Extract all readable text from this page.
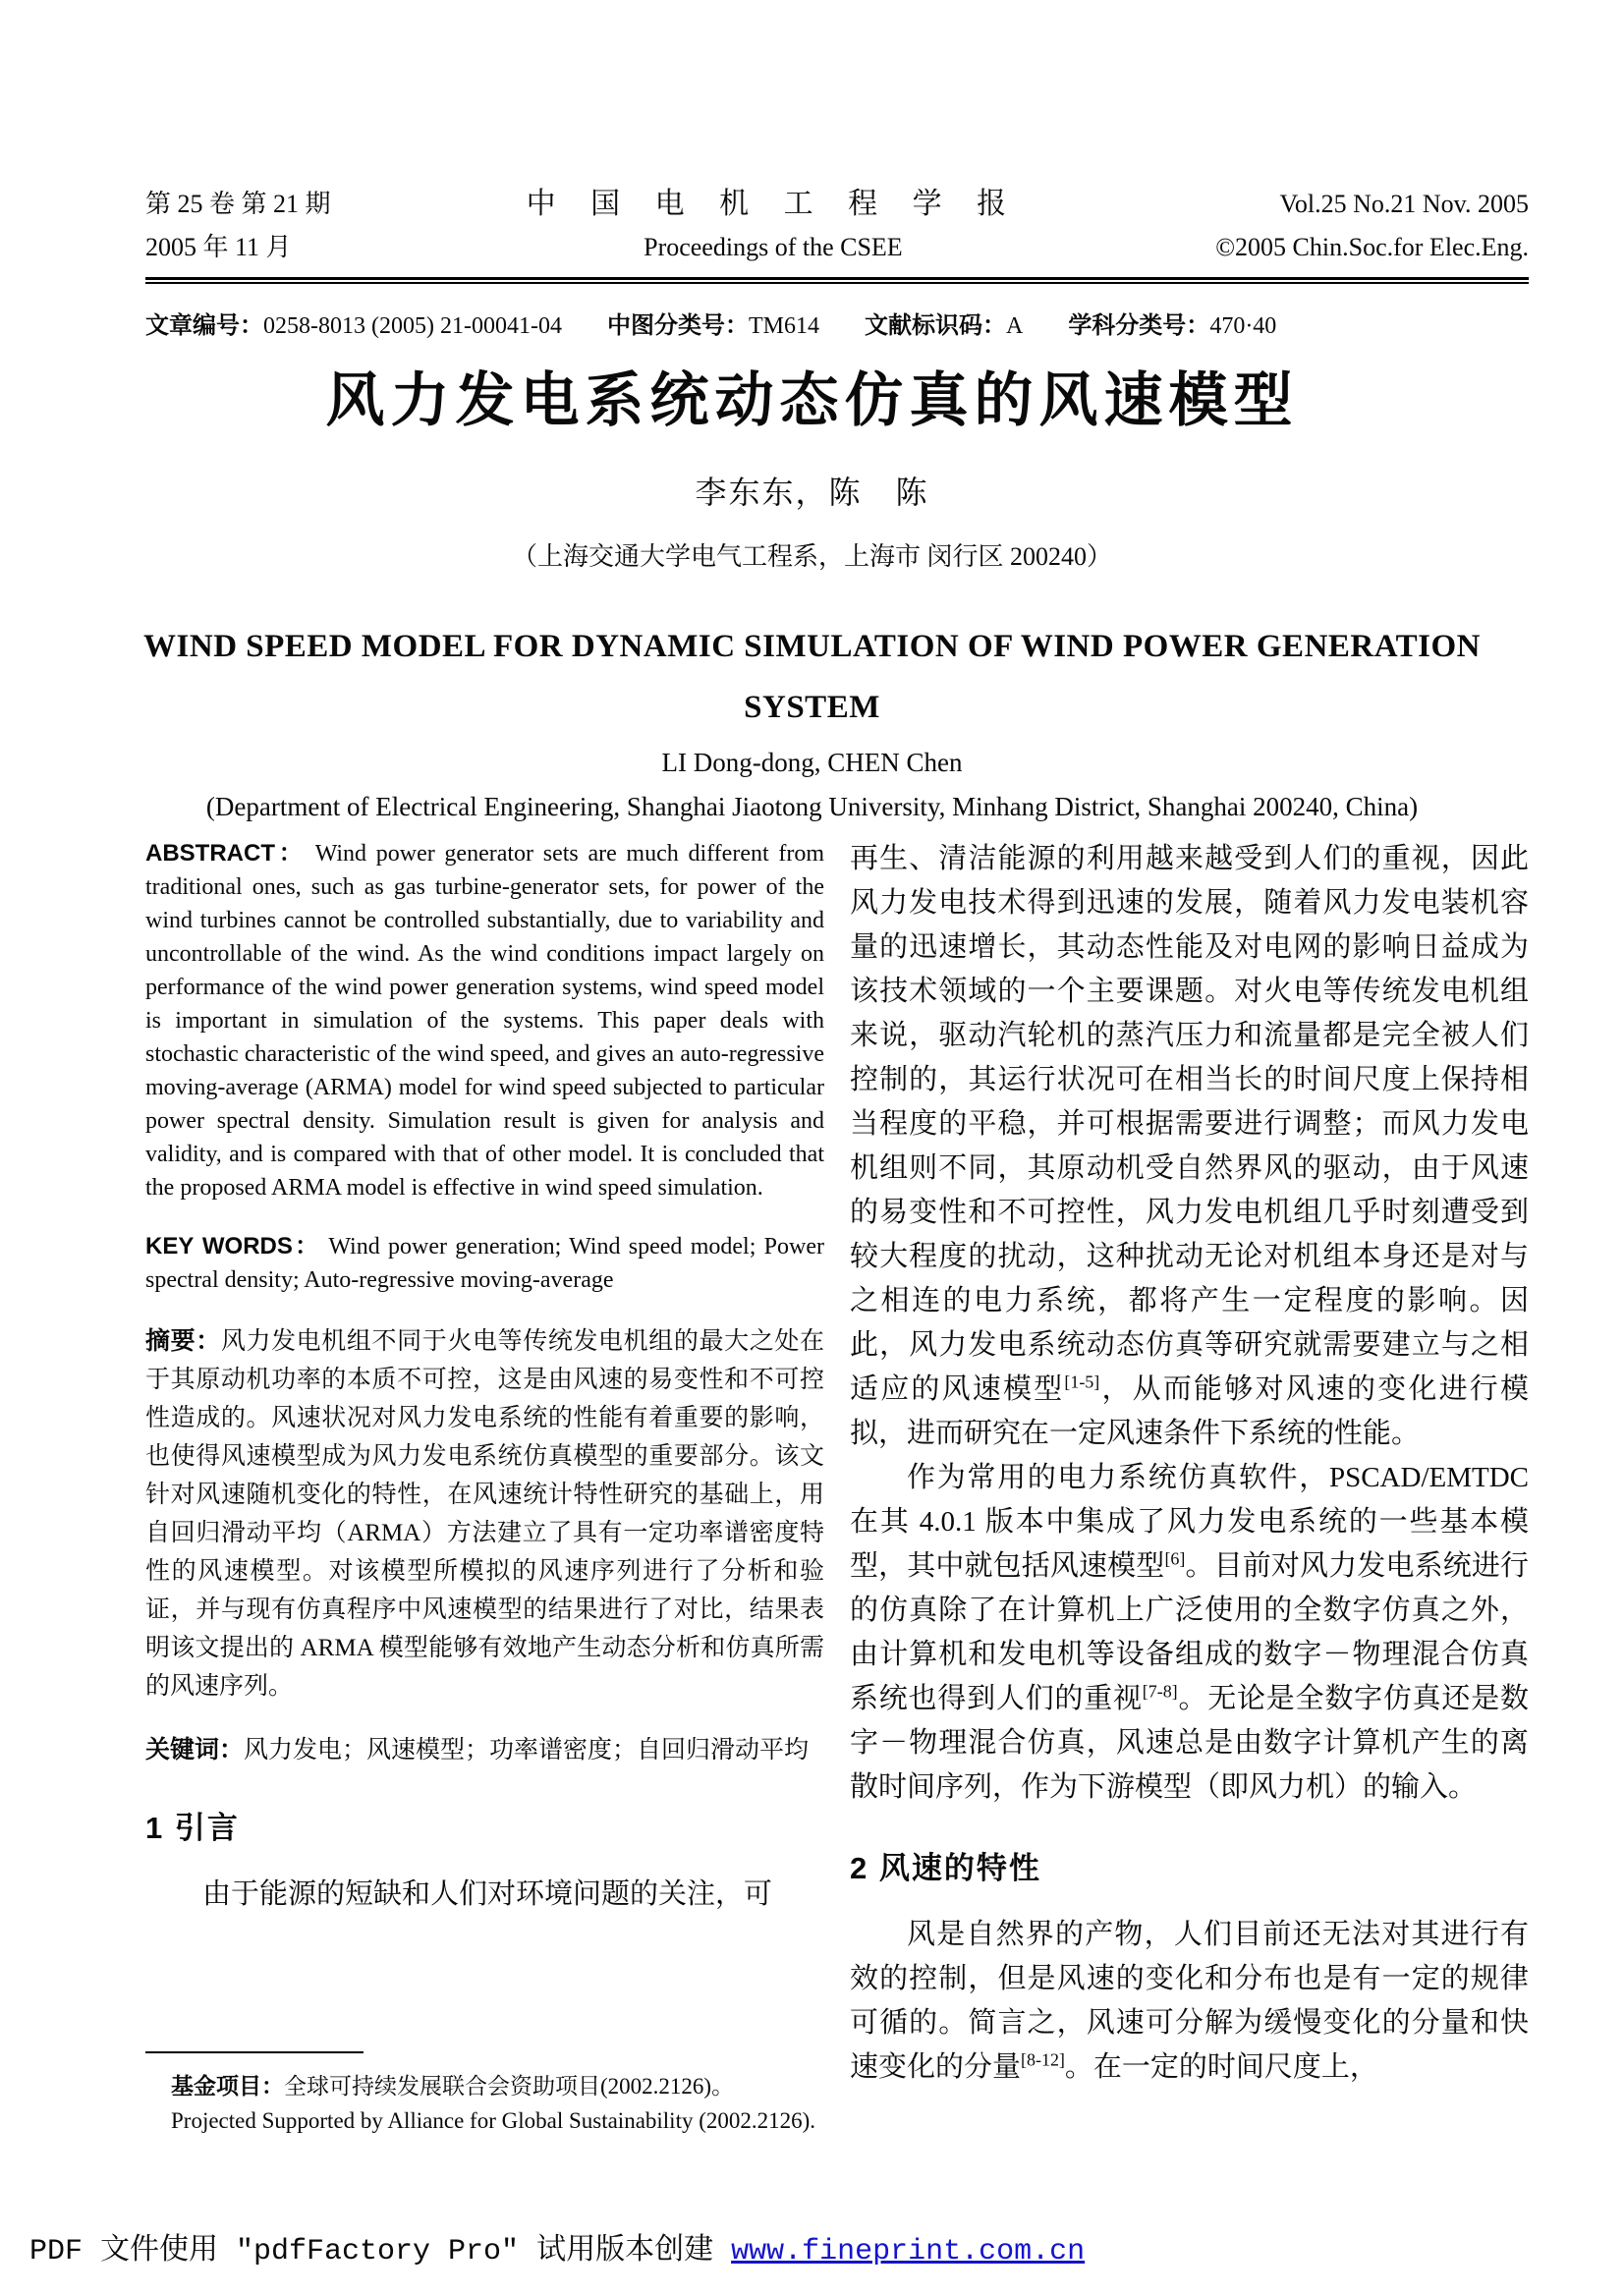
第 25 卷 第 21 期
2005 年 11 月
中 国 电 机 工 程 学 报
Proceedings of the CSEE
Vol.25 No.21 Nov. 2005
©2005 Chin.Soc.for Elec.Eng.
文章编号：0258-8013 (2005) 21-00041-04 中图分类号：TM614 文献标识码：A 学科分类号：470·40
风力发电系统动态仿真的风速模型
李东东，陈　陈
（上海交通大学电气工程系，上海市 闵行区 200240）
WIND SPEED MODEL FOR DYNAMIC SIMULATION OF WIND POWER GENERATION
SYSTEM
LI Dong-dong, CHEN Chen
(Department of Electrical Engineering, Shanghai Jiaotong University, Minhang District, Shanghai 200240, China)

ABSTRACT： Wind power generator sets are much different from traditional ones, such as gas turbine-generator sets, for power of the wind turbines cannot be controlled substantially, due to variability and uncontrollable of the wind. As the wind conditions impact largely on performance of the wind power generation systems, wind speed model is important in simulation of the systems. This paper deals with stochastic characteristic of the wind speed, and gives an auto-regressive moving-average (ARMA) model for wind speed subjected to particular power spectral density. Simulation result is given for analysis and validity, and is compared with that of other model. It is concluded that the proposed ARMA model is effective in wind speed simulation.

KEY WORDS： Wind power generation; Wind speed model; Power spectral density; Auto-regressive moving-average

摘要：风力发电机组不同于火电等传统发电机组的最大之处在于其原动机功率的本质不可控，这是由风速的易变性和不可控性造成的。风速状况对风力发电系统的性能有着重要的影响，也使得风速模型成为风力发电系统仿真模型的重要部分。该文针对风速随机变化的特性，在风速统计特性研究的基础上，用自回归滑动平均（ARMA）方法建立了具有一定功率谱密度特性的风速模型。对该模型所模拟的风速序列进行了分析和验证，并与现有仿真程序中风速模型的结果进行了对比，结果表明该文提出的 ARMA 模型能够有效地产生动态分析和仿真所需的风速序列。

关键词：风力发电；风速模型；功率谱密度；自回归滑动平均

1 引言

由于能源的短缺和人们对环境问题的关注，可

基金项目：全球可持续发展联合会资助项目(2002.2126)。

Projected Supported by Alliance for Global Sustainability (2002.2126).

再生、清洁能源的利用越来越受到人们的重视，因此风力发电技术得到迅速的发展，随着风力发电装机容量的迅速增长，其动态性能及对电网的影响日益成为该技术领域的一个主要课题。对火电等传统发电机组来说，驱动汽轮机的蒸汽压力和流量都是完全被人们控制的，其运行状况可在相当长的时间尺度上保持相当程度的平稳，并可根据需要进行调整；而风力发电机组则不同，其原动机受自然界风的驱动，由于风速的易变性和不可控性，风力发电机组几乎时刻遭受到较大程度的扰动，这种扰动无论对机组本身还是对与之相连的电力系统，都将产生一定程度的影响。因此，风力发电系统动态仿真等研究就需要建立与之相适应的风速模型[1-5]，从而能够对风速的变化进行模拟，进而研究在一定风速条件下系统的性能。

作为常用的电力系统仿真软件，PSCAD/EMTDC 在其 4.0.1 版本中集成了风力发电系统的一些基本模型，其中就包括风速模型[6]。目前对风力发电系统进行的仿真除了在计算机上广泛使用的全数字仿真之外，由计算机和发电机等设备组成的数字－物理混合仿真系统也得到人们的重视[7-8]。无论是全数字仿真还是数字－物理混合仿真，风速总是由数字计算机产生的离散时间序列，作为下游模型（即风力机）的输入。

2 风速的特性

风是自然界的产物，人们目前还无法对其进行有效的控制，但是风速的变化和分布也是有一定的规律可循的。简言之，风速可分解为缓慢变化的分量和快速变化的分量[8-12]。在一定的时间尺度上，

PDF 文件使用 ″pdfFactory Pro″ 试用版本创建 www.fineprint.com.cn
